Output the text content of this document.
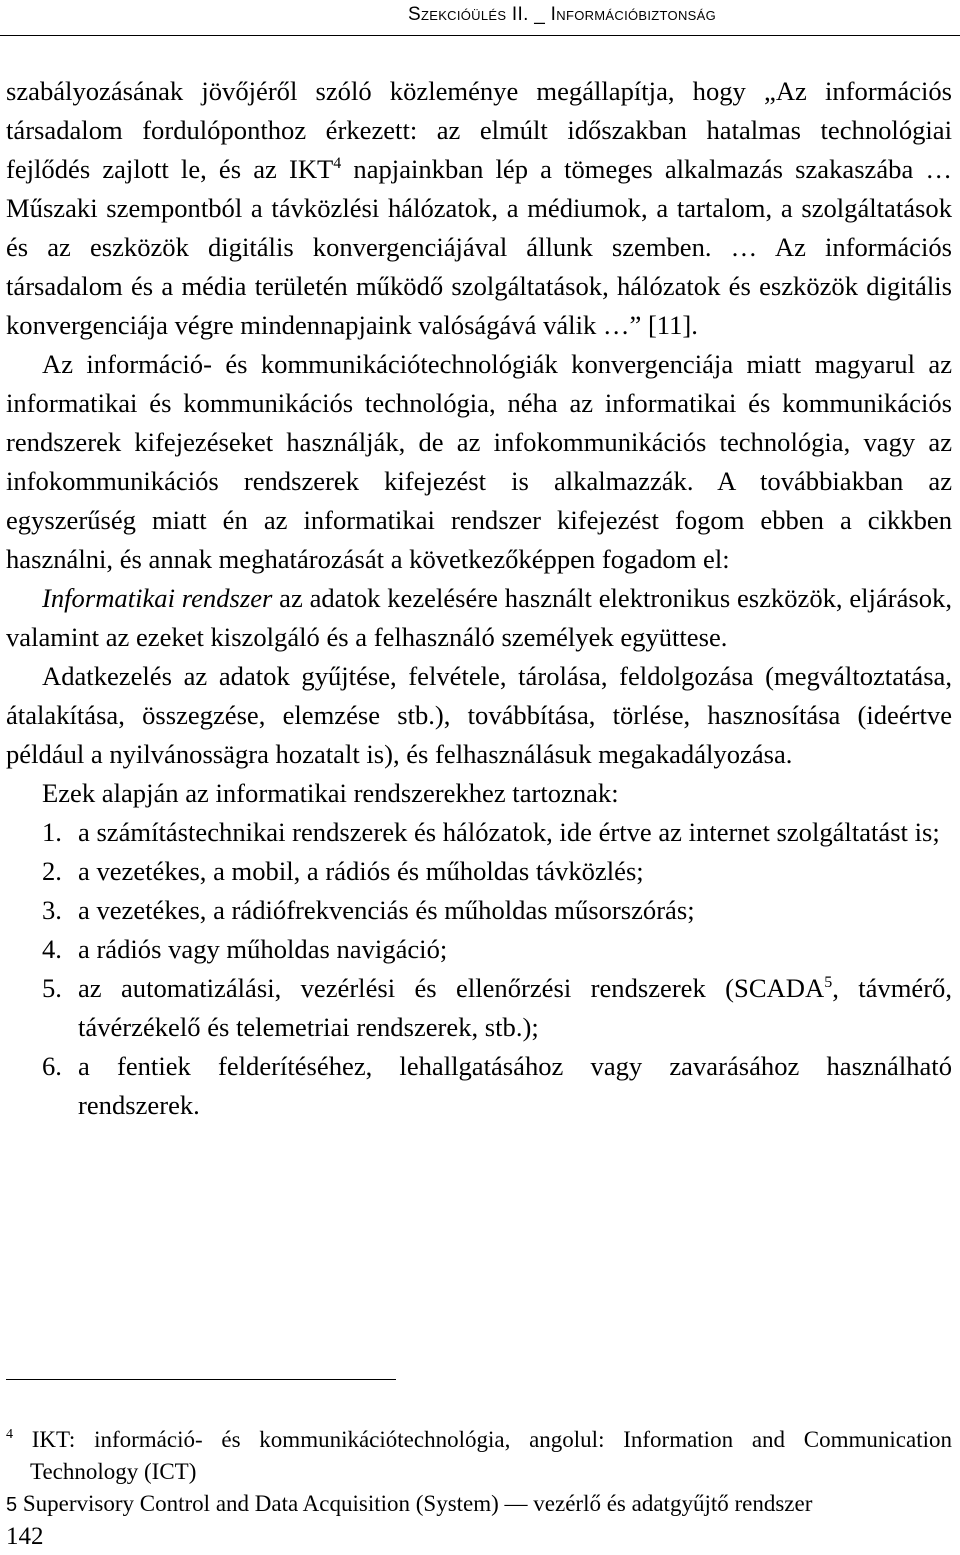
Szekcióülés II. _ Információbiztonság

szabályozásának jövőjéről szóló közleménye megállapítja, hogy „Az információs társadalom fordulóponthoz érkezett: az elmúlt időszakban hatalmas technológiai fejlődés zajlott le, és az IKT$^4$ napjainkban lép a tömeges alkalmazás szakaszába … Műszaki szempontból a távközlési hálózatok, a médiumok, a tartalom, a szolgáltatások és az eszközök digitális konvergenciájával állunk szemben. … Az információs társadalom és a média területén működő szolgáltatások, hálózatok és eszközök digitális konvergenciája végre mindennapjaink valóságává válik …” [11].

Az információ- és kommunikációtechnológiák konvergenciája miatt magyarul az informatikai és kommunikációs technológia, néha az informatikai és kommunikációs rendszerek kifejezéseket használják, de az infokommunikációs technológia, vagy az infokommunikációs rendszerek kifejezést is alkalmazzák. A továbbiakban az egyszerűség miatt én az informatikai rendszer kifejezést fogom ebben a cikkben használni, és annak meghatározását a következőképpen fogadom el:

Informatikai rendszer az adatok kezelésére használt elektronikus eszközök, eljárások, valamint az ezeket kiszolgáló és a felhasználó személyek együttese.

Adatkezelés az adatok gyűjtése, felvétele, tárolása, feldolgozása (megváltoztatása, átalakítása, összegzése, elemzése stb.), továbbítása, törlése, hasznosítása (ideértve például a nyilvánossägra hozatalt is), és felhasználásuk megakadályozása.

Ezek alapján az informatikai rendszerekhez tartoznak:

1. a számítástechnikai rendszerek és hálózatok, ide értve az internet szolgáltatást is;
2. a vezetékes, a mobil, a rádiós és műholdas távközlés;
3. a vezetékes, a rádiófrekvenciás és műholdas műsorszórás;
4. a rádiós vagy műholdas navigáció;
5. az automatizálási, vezérlési és ellenőrzési rendszerek (SCADA$^5$, távmérő, távérzékelő és telemetriai rendszerek, stb.);
6. a fentiek felderítéséhez, lehallgatásához vagy zavarásához használható rendszerek.

$^4$ IKT: információ- és kommunikációtechnológia, angolul: Information and Communication Technology (ICT)

5 Supervisory Control and Data Acquisition (System) — vezérlő és adatgyűjtő rendszer

142
